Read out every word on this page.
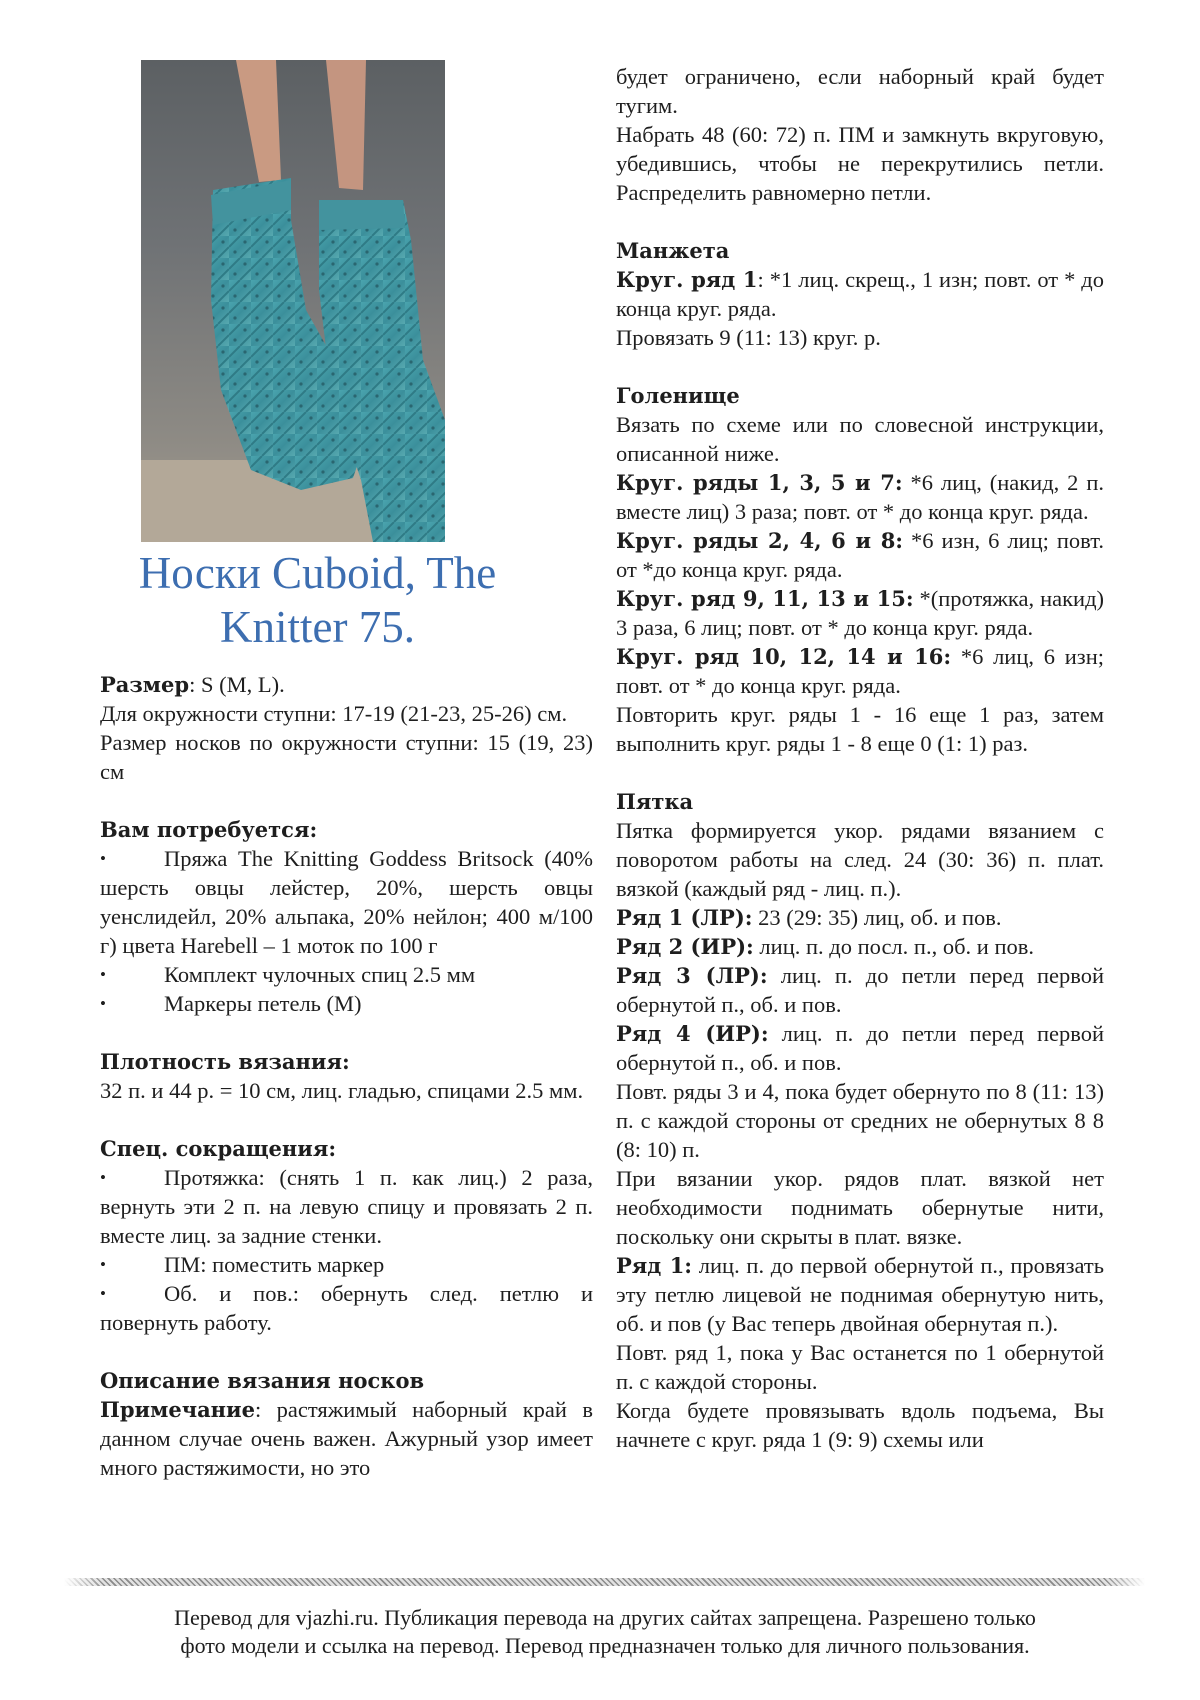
Носки Cuboid, The
Knitter 75.

Размер: S (M, L).

Для окружности ступни: 17-19 (21-23, 25-26) см.

Размер носков по окружности ступни: 15 (19, 23) см

Вам потребуется:
• Пряжа The Knitting Goddess Britsock (40% шерсть овцы лейстер, 20%, шерсть овцы уенслидейл, 20% альпака, 20% нейлон; 400 м/100 г) цвета Harebell – 1 моток по 100 г
• Комплект чулочных спиц 2.5 мм
• Маркеры петель (М)
Плотность вязания:

32 п. и 44 р. = 10 см, лиц. гладью, спицами 2.5 мм.

Спец. сокращения:
• Протяжка: (снять 1 п. как лиц.) 2 раза, вернуть эти 2 п. на левую спицу и провязать 2 п. вместе лиц. за задние стенки.
• ПМ: поместить маркер
• Об. и пов.: обернуть след. петлю и повернуть работу.
Описание вязания носков

Примечание: растяжимый наборный край в данном случае очень важен. Ажурный узор имеет много растяжимости, но это

будет ограничено, если наборный край будет тугим.

Набрать 48 (60: 72) п. ПМ и замкнуть вкруговую, убедившись, чтобы не перекрутились петли. Распределить равномерно петли.

Манжета

Круг. ряд 1: *1 лиц. скрещ., 1 изн; повт. от * до конца круг. ряда.

Провязать 9 (11: 13) круг. р.

Голенище

Вязать по схеме или по словесной инструкции, описанной ниже.

Круг. ряды 1, 3, 5 и 7: *6 лиц, (накид, 2 п. вместе лиц) 3 раза; повт. от * до конца круг. ряда.

Круг. ряды 2, 4, 6 и 8: *6 изн, 6 лиц; повт. от *до конца круг. ряда.

Круг. ряд 9, 11, 13 и 15: *(протяжка, накид) 3 раза, 6 лиц; повт. от * до конца круг. ряда.

Круг. ряд 10, 12, 14 и 16: *6 лиц, 6 изн; повт. от * до конца круг. ряда.

Повторить круг. ряды 1 - 16 еще 1 раз, затем выполнить круг. ряды 1 - 8 еще 0 (1: 1) раз.

Пятка

Пятка формируется укор. рядами вязанием с поворотом работы на след. 24 (30: 36) п. плат. вязкой (каждый ряд - лиц. п.).

Ряд 1 (ЛР): 23 (29: 35) лиц, об. и пов.

Ряд 2 (ИР): лиц. п. до посл. п., об. и пов.

Ряд 3 (ЛР): лиц. п. до петли перед первой обернутой п., об. и пов.

Ряд 4 (ИР): лиц. п. до петли перед первой обернутой п., об. и пов.

Повт. ряды 3 и 4, пока будет обернуто по 8 (11: 13) п. с каждой стороны от средних не обернутых 8 8 (8: 10) п.

При вязании укор. рядов плат. вязкой нет необходимости поднимать обернутые нити, поскольку они скрыты в плат. вязке.

Ряд 1: лиц. п. до первой обернутой п., провязать эту петлю лицевой не поднимая обернутую нить, об. и пов (у Вас теперь двойная обернутая п.).

Повт. ряд 1, пока у Вас останется по 1 обернутой п. с каждой стороны.

Когда будете провязывать вдоль подъема, Вы начнете с круг. ряда 1 (9: 9) схемы или

Перевод для vjazhi.ru. Публикация перевода на других сайтах запрещена. Разрешено только
фото модели и ссылка на перевод. Перевод предназначен только для личного пользования.
